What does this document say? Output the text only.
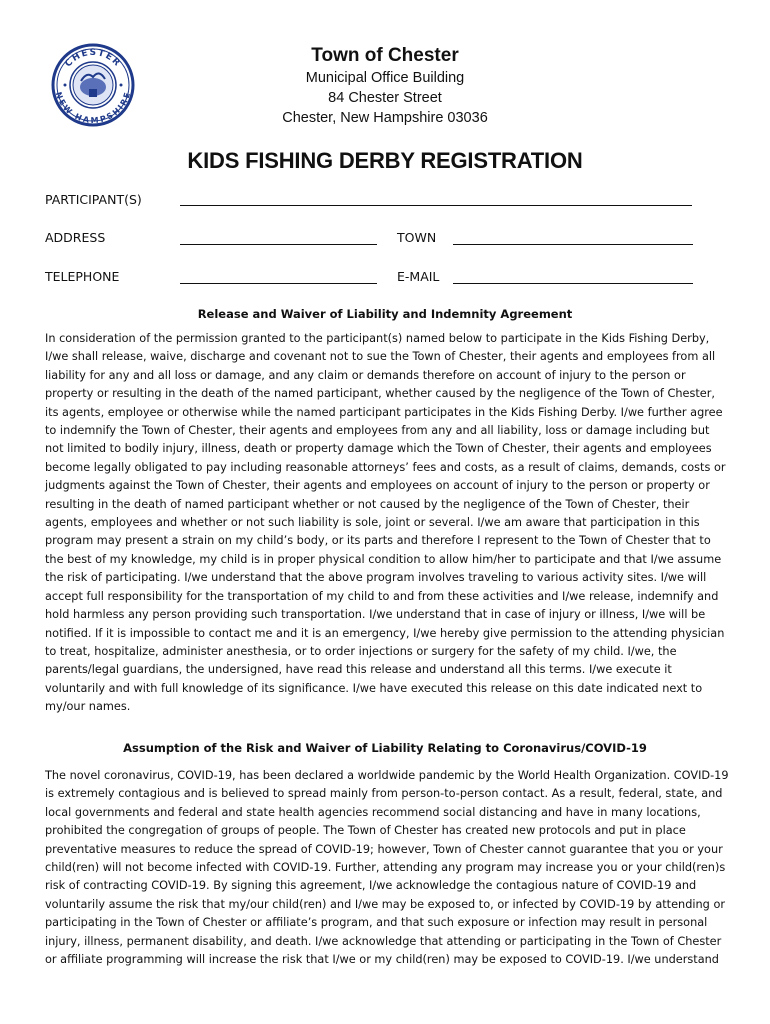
CHESTER
NEW HAMPSHIRE
Town of Chester
Municipal Office Building
84 Chester Street
Chester, New Hampshire 03036
KIDS FISHING DERBY REGISTRATION
PARTICIPANT(S)
ADDRESS	TOWN
TELEPHONE	E-MAIL
Release and Waiver of Liability and Indemnity Agreement
In consideration of the permission granted to the participant(s) named below to participate in the Kids Fishing Derby,
I/we shall release, waive, discharge and covenant not to sue the Town of Chester, their agents and employees from all
liability for any and all loss or damage, and any claim or demands therefore on account of injury to the person or
property or resulting in the death of the named participant, whether caused by the negligence of the Town of Chester,
its agents, employee or otherwise while the named participant participates in the Kids Fishing Derby. I/we further agree
to indemnify the Town of Chester, their agents and employees from any and all liability, loss or damage including but
not limited to bodily injury, illness, death or property damage which the Town of Chester, their agents and employees
become legally obligated to pay including reasonable attorneys’ fees and costs, as a result of claims, demands, costs or
judgments against the Town of Chester, their agents and employees on account of injury to the person or property or
resulting in the death of named participant whether or not caused by the negligence of the Town of Chester, their
agents, employees and whether or not such liability is sole, joint or several. I/we am aware that participation in this
program may present a strain on my child’s body, or its parts and therefore I represent to the Town of Chester that to
the best of my knowledge, my child is in proper physical condition to allow him/her to participate and that I/we assume
the risk of participating. I/we understand that the above program involves traveling to various activity sites. I/we will
accept full responsibility for the transportation of my child to and from these activities and I/we release, indemnify and
hold harmless any person providing such transportation. I/we understand that in case of injury or illness, I/we will be
notified. If it is impossible to contact me and it is an emergency, I/we hereby give permission to the attending physician
to treat, hospitalize, administer anesthesia, or to order injections or surgery for the safety of my child. I/we, the
parents/legal guardians, the undersigned, have read this release and understand all this terms. I/we execute it
voluntarily and with full knowledge of its significance. I/we have executed this release on this date indicated next to
my/our names.
Assumption of the Risk and Waiver of Liability Relating to Coronavirus/COVID-19
The novel coronavirus, COVID-19, has been declared a worldwide pandemic by the World Health Organization. COVID-19
is extremely contagious and is believed to spread mainly from person-to-person contact. As a result, federal, state, and
local governments and federal and state health agencies recommend social distancing and have in many locations,
prohibited the congregation of groups of people. The Town of Chester has created new protocols and put in place
preventative measures to reduce the spread of COVID-19; however, Town of Chester cannot guarantee that you or your
child(ren) will not become infected with COVID-19. Further, attending any program may increase you or your child(ren)s
risk of contracting COVID-19. By signing this agreement, I/we acknowledge the contagious nature of COVID-19 and
voluntarily assume the risk that my/our child(ren) and I/we may be exposed to, or infected by COVID-19 by attending or
participating in the Town of Chester or affiliate’s program, and that such exposure or infection may result in personal
injury, illness, permanent disability, and death. I/we acknowledge that attending or participating in the Town of Chester
or affiliate programming will increase the risk that I/we or my child(ren) may be exposed to COVID-19. I/we understand
